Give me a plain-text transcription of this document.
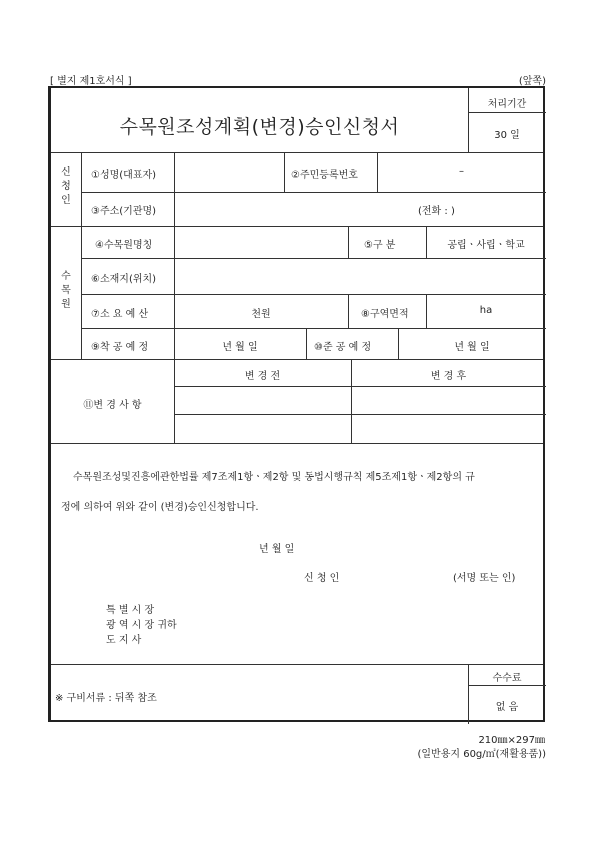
[ 별지 제1호서식 ]	(앞쪽)
수목원조성계획(변경)승인신청서
처리기간
30 일
신
청
인
①성명(대표자)	②주민등록번호	–
③주소(기관명)	(전화 : )
수
목
원
④수목원명칭	⑤구 분	공립ㆍ사립ㆍ학교
⑥소재지(위치)
⑦소 요 예 산	천원	⑧구역면적	ha
⑨착 공 예 정	년 월 일	⑩준 공 예 정	년 월 일
⑪변 경 사 항
변 경 전	변 경 후
수목원조성및진흥에관한법률 제7조제1항ㆍ제2항 및 동법시행규칙 제5조제1항ㆍ제2항의 규
정에 의하여 위와 같이 (변경)승인신청합니다.
년 월 일
신 청 인	(서명 또는 인)
특 별 시 장
광 역 시 장 귀하
도 지 사
※ 구비서류 : 뒤쪽 참조
수수료
없 음
210㎜×297㎜
(일반용지 60g/㎡(재활용품))
